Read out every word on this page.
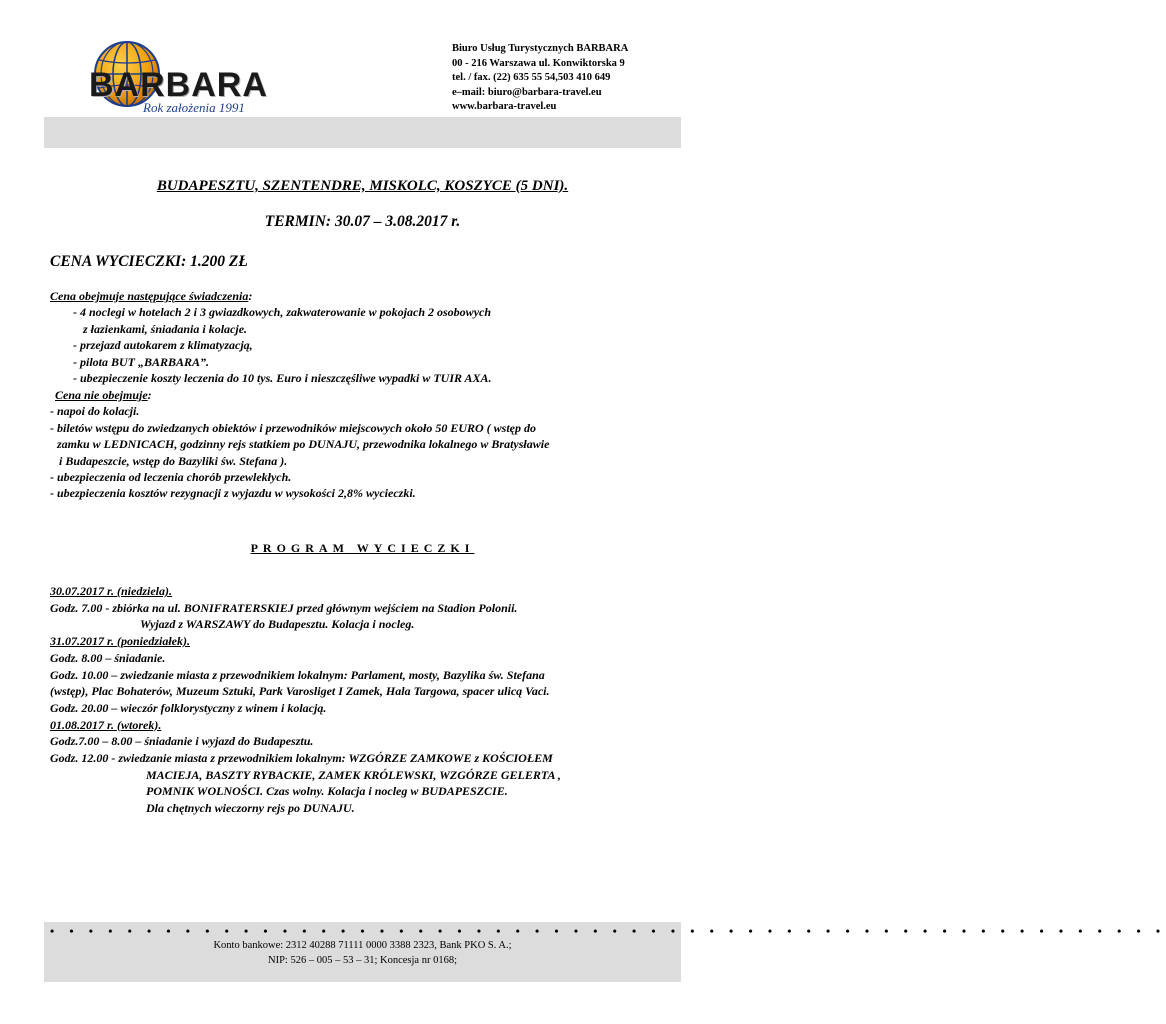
BARBARA
Rok założenia 1991
Biuro Usług Turystycznych BARBARA
00 - 216 Warszawa ul. Konwiktorska 9
tel. / fax. (22) 635 55 54,503 410 649
e–mail: biuro@barbara-travel.eu
www.barbara-travel.eu
BUDAPESZTU, SZENTENDRE, MISKOLC, KOSZYCE (5 DNI).
TERMIN: 30.07 – 3.08.2017 r.
CENA WYCIECZKI: 1.200 ZŁ
Cena obejmuje następujące świadczenia:
- 4 noclegi w hotelach 2 i 3 gwiazdkowych, zakwaterowanie w pokojach 2 osobowych
z łazienkami, śniadania i kolacje.
- przejazd autokarem z klimatyzacją,
- pilota BUT „BARBARA”.
- ubezpieczenie koszty leczenia do 10 tys. Euro i nieszczęśliwe wypadki w TUIR AXA.
Cena nie obejmuje:
- napoi do kolacji.
- biletów wstępu do zwiedzanych obiektów i przewodników miejscowych około 50 EURO ( wstęp do
zamku w LEDNICACH, godzinny rejs statkiem po DUNAJU, przewodnika lokalnego w Bratysławie
i Budapeszcie, wstęp do Bazyliki św. Stefana ).
- ubezpieczenia od leczenia chorób przewlekłych.
- ubezpieczenia kosztów rezygnacji z wyjazdu w wysokości 2,8% wycieczki.
PROGRAM WYCIECZKI
30.07.2017 r. (niedziela).
Godz. 7.00 - zbiórka na ul. BONIFRATERSKIEJ przed głównym wejściem na Stadion Polonii.
Wyjazd z WARSZAWY do Budapesztu. Kolacja i nocleg.
31.07.2017 r. (poniedziałek).
Godz. 8.00 – śniadanie.
Godz. 10.00 – zwiedzanie miasta z przewodnikiem lokalnym: Parlament, mosty, Bazylika św. Stefana
(wstęp), Plac Bohaterów, Muzeum Sztuki, Park Varosliget I Zamek, Hala Targowa, spacer ulicą Vaci.
Godz. 20.00 – wieczór folklorystyczny z winem i kolacją.
01.08.2017 r. (wtorek).
Godz.7.00 – 8.00 – śniadanie i wyjazd do Budapesztu.
Godz. 12.00 - zwiedzanie miasta z przewodnikiem lokalnym: WZGÓRZE ZAMKOWE z KOŚCIOŁEM
MACIEJA, BASZTY RYBACKIE, ZAMEK KRÓLEWSKI, WZGÓRZE GELERTA ,
POMNIK WOLNOŚCI. Czas wolny. Kolacja i nocleg w BUDAPESZCIE.
Dla chętnych wieczorny rejs po DUNAJU.
• • • • • • • • • • • • • • • • • • • • • • • • • • • • • • • • • • • • • • • • • • • • • • • • • • • • • • • • • •
Konto bankowe: 2312 40288 71111 0000 3388 2323, Bank PKO S. A.;
NIP: 526 – 005 – 53 – 31; Koncesja nr 0168;
